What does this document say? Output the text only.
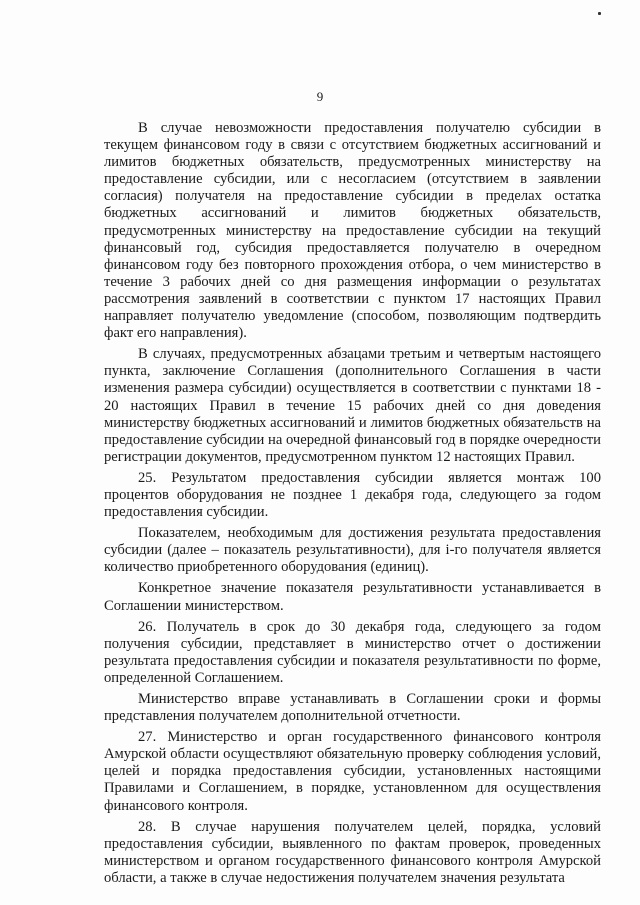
9

В случае невозможности предоставления получателю субсидии в текущем финансовом году в связи с отсутствием бюджетных ассигнований и лимитов бюджетных обязательств, предусмотренных министерству на предоставление субсидии, или с несогласием (отсутствием в заявлении согласия) получателя на предоставление субсидии в пределах остатка бюджетных ассигнований и лимитов бюджетных обязательств, предусмотренных министерству на предоставление субсидии на текущий финансовый год, субсидия предоставляется получателю в очередном финансовом году без повторного прохождения отбора, о чем министерство в течение 3 рабочих дней со дня размещения информации о результатах рассмотрения заявлений в соответствии с пунктом 17 настоящих Правил направляет получателю уведомление (способом, позволяющим подтвердить факт его направления).

В случаях, предусмотренных абзацами третьим и четвертым настоящего пункта, заключение Соглашения (дополнительного Соглашения в части изменения размера субсидии) осуществляется в соответствии с пунктами 18 - 20 настоящих Правил в течение 15 рабочих дней со дня доведения министерству бюджетных ассигнований и лимитов бюджетных обязательств на предоставление субсидии на очередной финансовый год в порядке очередности регистрации документов, предусмотренном пунктом 12 настоящих Правил.

25. Результатом предоставления субсидии является монтаж 100 процентов оборудования не позднее 1 декабря года, следующего за годом предоставления субсидии.

Показателем, необходимым для достижения результата предоставления субсидии (далее – показатель результативности), для i-го получателя является количество приобретенного оборудования (единиц).

Конкретное значение показателя результативности устанавливается в Соглашении министерством.

26. Получатель в срок до 30 декабря года, следующего за годом получения субсидии, представляет в министерство отчет о достижении результата предоставления субсидии и показателя результативности по форме, определенной Соглашением.

Министерство вправе устанавливать в Соглашении сроки и формы представления получателем дополнительной отчетности.

27. Министерство и орган государственного финансового контроля Амурской области осуществляют обязательную проверку соблюдения условий, целей и порядка предоставления субсидии, установленных настоящими Правилами и Соглашением, в порядке, установленном для осуществления финансового контроля.

28. В случае нарушения получателем целей, порядка, условий предоставления субсидии, выявленного по фактам проверок, проведенных министерством и органом государственного финансового контроля Амурской области, а также в случае недостижения получателем значения результата
